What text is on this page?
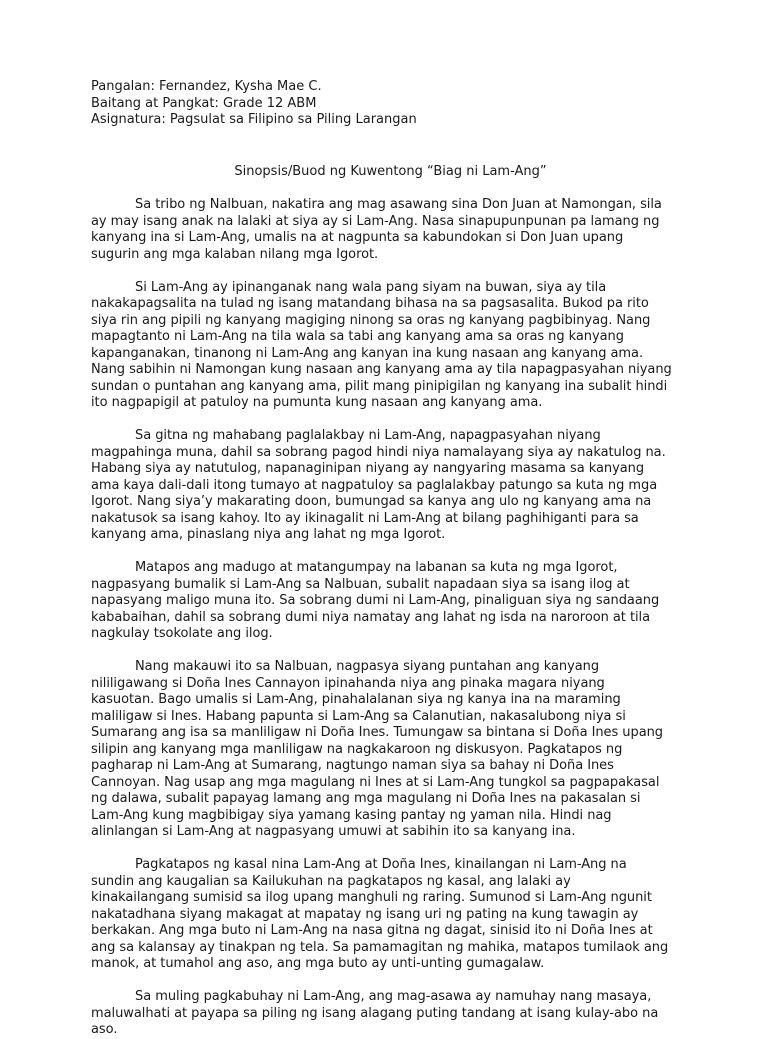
Pangalan: Fernandez, Kysha Mae C.

Baitang at Pangkat: Grade 12 ABM

Asignatura: Pagsulat sa Filipino sa Piling Larangan

Sinopsis/Buod ng Kuwentong “Biag ni Lam-Ang”

Sa tribo ng Nalbuan, nakatira ang mag asawang sina Don Juan at Namongan, sila ay may isang anak na lalaki at siya ay si Lam-Ang. Nasa sinapupunpunan pa lamang ng kanyang ina si Lam-Ang, umalis na at nagpunta sa kabundokan si Don Juan upang sugurin ang mga kalaban nilang mga Igorot.

Si Lam-Ang ay ipinanganak nang wala pang siyam na buwan, siya ay tila nakakapagsalita na tulad ng isang matandang bihasa na sa pagsasalita. Bukod pa rito siya rin ang pipili ng kanyang magiging ninong sa oras ng kanyang pagbibinyag. Nang mapagtanto ni Lam-Ang na tila wala sa tabi ang kanyang ama sa oras ng kanyang kapanganakan, tinanong ni Lam-Ang ang kanyan ina kung nasaan ang kanyang ama. Nang sabihin ni Namongan kung nasaan ang kanyang ama ay tila napagpasyahan niyang sundan o puntahan ang kanyang ama, pilit mang pinipigilan ng kanyang ina subalit hindi ito nagpapigil at patuloy na pumunta kung nasaan ang kanyang ama.

Sa gitna ng mahabang paglalakbay ni Lam-Ang, napagpasyahan niyang magpahinga muna, dahil sa sobrang pagod hindi niya namalayang siya ay nakatulog na. Habang siya ay natutulog, napanaginipan niyang ay nangyaring masama sa kanyang ama kaya dali-dali itong tumayo at nagpatuloy sa paglalakbay patungo sa kuta ng mga Igorot. Nang siya’y makarating doon, bumungad sa kanya ang ulo ng kanyang ama na nakatusok sa isang kahoy. Ito ay ikinagalit ni Lam-Ang at bilang paghihiganti para sa kanyang ama, pinaslang niya ang lahat ng mga Igorot.

Matapos ang madugo at matangumpay na labanan sa kuta ng mga Igorot, nagpasyang bumalik si Lam-Ang sa Nalbuan, subalit napadaan siya sa isang ilog at napasyang maligo muna ito. Sa sobrang dumi ni Lam-Ang, pinaliguan siya ng sandaang kababaihan, dahil sa sobrang dumi niya namatay ang lahat ng isda na naroroon at tila nagkulay tsokolate ang ilog.

Nang makauwi ito sa Nalbuan, nagpasya siyang puntahan ang kanyang nililigawang si Doña Ines Cannayon ipinahanda niya ang pinaka magara niyang kasuotan. Bago umalis si Lam-Ang, pinahalalanan siya ng kanya ina na maraming maliligaw si Ines. Habang papunta si Lam-Ang sa Calanutian, nakasalubong niya si Sumarang ang isa sa manliligaw ni Doña Ines. Tumungaw sa bintana si Doña Ines upang silipin ang kanyang mga manliligaw na nagkakaroon ng diskusyon. Pagkatapos ng pagharap ni Lam-Ang at Sumarang, nagtungo naman siya sa bahay ni Doña Ines Cannoyan. Nag usap ang mga magulang ni Ines at si Lam-Ang tungkol sa pagpapakasal ng dalawa, subalit papayag lamang ang mga magulang ni Doña Ines na pakasalan si Lam-Ang kung magbibigay siya yamang kasing pantay ng yaman nila. Hindi nag alinlangan si Lam-Ang at nagpasyang umuwi at sabihin ito sa kanyang ina.

Pagkatapos ng kasal nina Lam-Ang at Doña Ines, kinailangan ni Lam-Ang na sundin ang kaugalian sa Kailukuhan na pagkatapos ng kasal, ang lalaki ay kinakailangang sumisid sa ilog upang manghuli ng raring. Sumunod si Lam-Ang ngunit nakatadhana siyang makagat at mapatay ng isang uri ng pating na kung tawagin ay berkakan. Ang mga buto ni Lam-Ang na nasa gitna ng dagat, sinisid ito ni Doña Ines at ang sa kalansay ay tinakpan ng tela. Sa pamamagitan ng mahika, matapos tumilaok ang manok, at tumahol ang aso, ang mga buto ay unti-unting gumagalaw.

Sa muling pagkabuhay ni Lam-Ang, ang mag-asawa ay namuhay nang masaya, maluwalhati at payapa sa piling ng isang alagang puting tandang at isang kulay-abo na aso.
